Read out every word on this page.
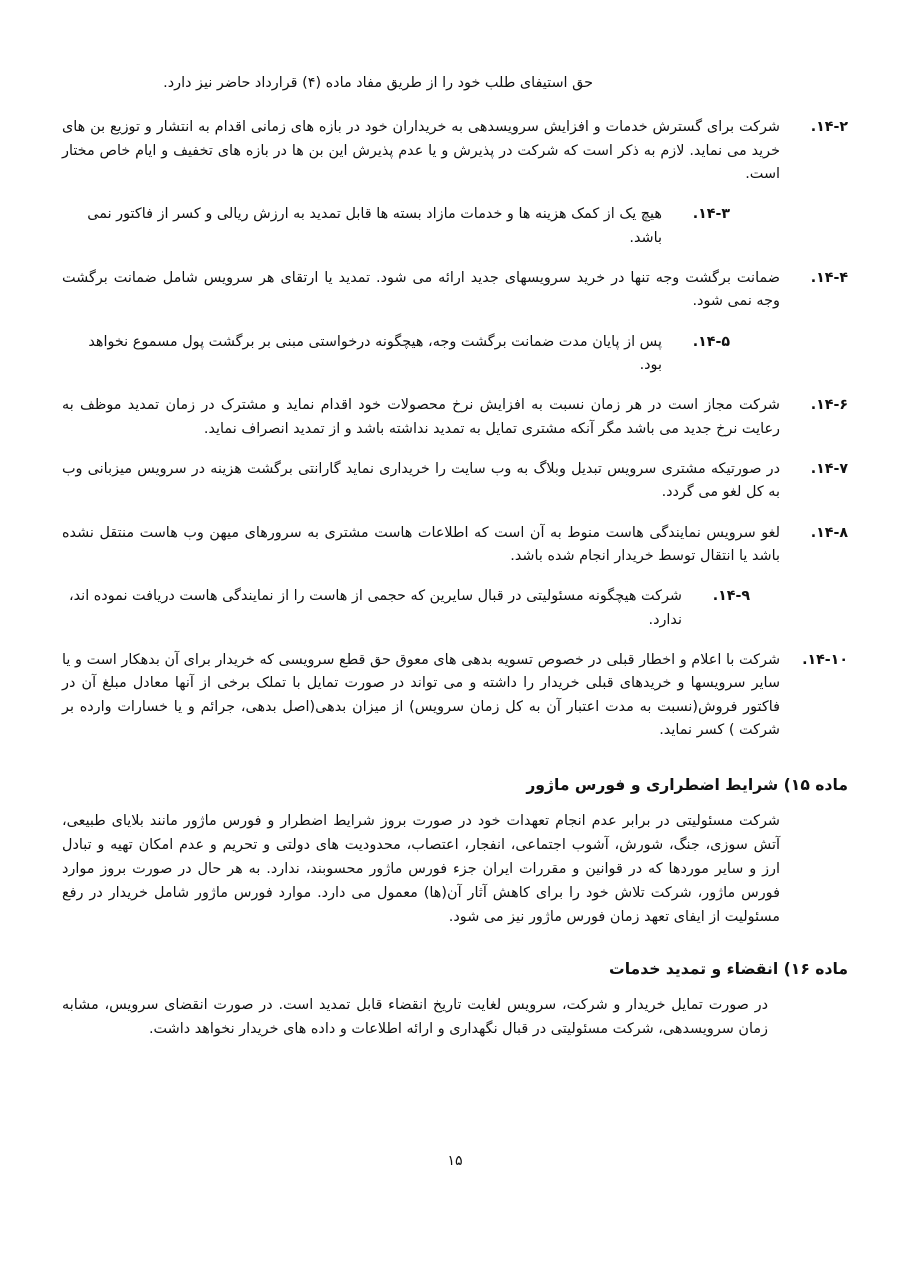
حق استیفای طلب خود را از طریق مفاد ماده (۴) قرارداد حاضر نیز دارد.

۱۴-۲.
شرکت برای گسترش خدمات و افزایش سرویسدهی به خریداران خود در بازه های زمانی اقدام به انتشار و توزیع بن های خرید می نماید. لازم به ذکر است که شرکت در پذیرش و یا عدم پذیرش این بن ها در بازه های تخفیف و ایام خاص مختار است.
۱۴-۳.
هیچ یک از کمک هزینه ها و خدمات مازاد بسته ها قابل تمدید به ارزش ریالی و کسر از فاکتور نمی باشد.
۱۴-۴.
ضمانت برگشت وجه تنها در خرید سرویسهای جدید ارائه می شود. تمدید یا ارتقای هر سرویس شامل ضمانت برگشت وجه نمی شود.
۱۴-۵.
پس از پایان مدت ضمانت برگشت وجه، هیچگونه درخواستی مبنی بر برگشت پول مسموع نخواهد بود.
۱۴-۶.
شرکت مجاز است در هر زمان نسبت به افزایش نرخ محصولات خود اقدام نماید و مشترک در زمان تمدید موظف به رعایت نرخ جدید می باشد مگر آنکه مشتری تمایل به تمدید نداشته باشد و از تمدید انصراف نماید.
۱۴-۷.
در صورتیکه مشتری سرویس تبدیل وبلاگ به وب سایت را خریداری نماید گارانتی برگشت هزینه در سرویس میزبانی وب به کل لغو می گردد.
۱۴-۸.
لغو سرویس نمایندگی هاست منوط به آن است که اطلاعات هاست مشتری به سرورهای میهن وب هاست منتقل نشده باشد یا انتقال توسط خریدار انجام شده باشد.
۱۴-۹.
شرکت هیچگونه مسئولیتی در قبال سایرین که حجمی از هاست را از نمایندگی هاست دریافت نموده اند، ندارد.
۱۴-۱۰.
شرکت با اعلام و اخطار قبلی در خصوص تسویه بدهی های معوق حق قطع سرویسی که خریدار برای آن بدهکار است و یا سایر سرویسها و خریدهای قبلی خریدار را داشته و می تواند در صورت تمایل با تملک برخی از آنها معادل مبلغ آن در فاکتور فروش(نسبت به مدت اعتبار آن به کل زمان سرویس) از میزان بدهی(اصل بدهی، جرائم و یا خسارات وارده بر شرکت ) کسر نماید.
ماده ۱۵) شرایط اضطراری و فورس ماژور

شرکت مسئولیتی در برابر عدم انجام تعهدات خود در صورت بروز شرایط اضطرار و فورس ماژور مانند بلایای طبیعی، آتش سوزی، جنگ، شورش، آشوب اجتماعی، انفجار، اعتصاب، محدودیت های دولتی و تحریم و عدم امکان تهیه و تبادل ارز و سایر موردها که در قوانین و مقررات ایران جزء فورس ماژور محسوبند، ندارد. به هر حال در صورت بروز موارد فورس ماژور، شرکت تلاش خود را برای کاهش آثار آن(ها) معمول می دارد. موارد فورس ماژور شامل خریدار در رفع مسئولیت از ایفای تعهد زمان فورس ماژور نیز می شود.

ماده ۱۶) انقضاء و تمدید خدمات

در صورت تمایل خریدار و شرکت، سرویس لغایت تاریخ انقضاء قابل تمدید است. در صورت انقضای سرویس، مشابه زمان سرویسدهی، شرکت مسئولیتی در قبال نگهداری و ارائه اطلاعات و داده های خریدار نخواهد داشت.

۱۵
